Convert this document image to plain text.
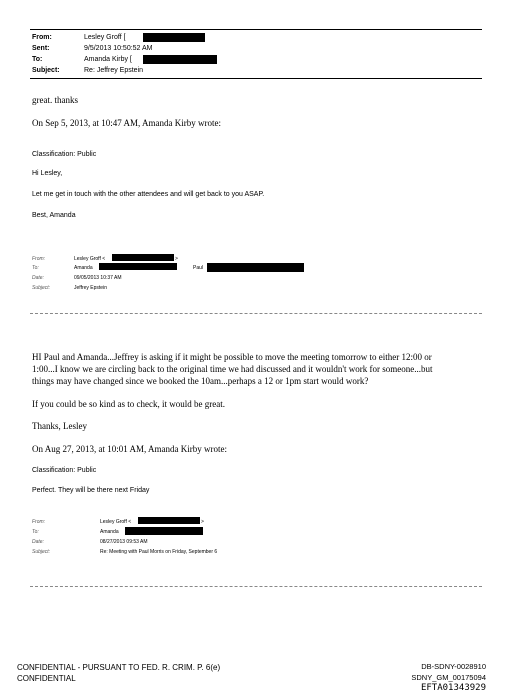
From:	Lesley Groff [
Sent:	9/5/2013 10:50:52 AM
To:	Amanda Kirby [
Subject:	Re: Jeffrey Epstein
great. thanks
On Sep 5, 2013, at 10:47 AM, Amanda Kirby wrote:
Classification: Public
Hi Lesley,
Let me get in touch with the other attendees and will get back to you ASAP.
Best, Amanda
From:	Lesley Groff <	>
To:	Amanda	Paul
Date:	09/05/2013 10:37 AM
Subject:	Jeffrey Epstein
HI Paul and Amanda...Jeffrey is asking if it might be possible to move the meeting tomorrow to either 12:00 or
1:00...I know we are circling back to the original time we had discussed and it wouldn't work for someone...but
things may have changed since we booked the 10am...perhaps a 12 or 1pm start would work?
If you could be so kind as to check, it would be great.
Thanks, Lesley
On Aug 27, 2013, at 10:01 AM, Amanda Kirby wrote:
Classification: Public
Perfect. They will be there next Friday
From:	Lesley Groff <	>
To:	Amanda
Date:	08/27/2013 09:53 AM
Subject:	Re: Meeting with Paul Morris on Friday, September 6
CONFIDENTIAL - PURSUANT TO FED. R. CRIM. P. 6(e)
CONFIDENTIAL
DB-SDNY-0028910
SDNY_GM_00175094
EFTA01343929
